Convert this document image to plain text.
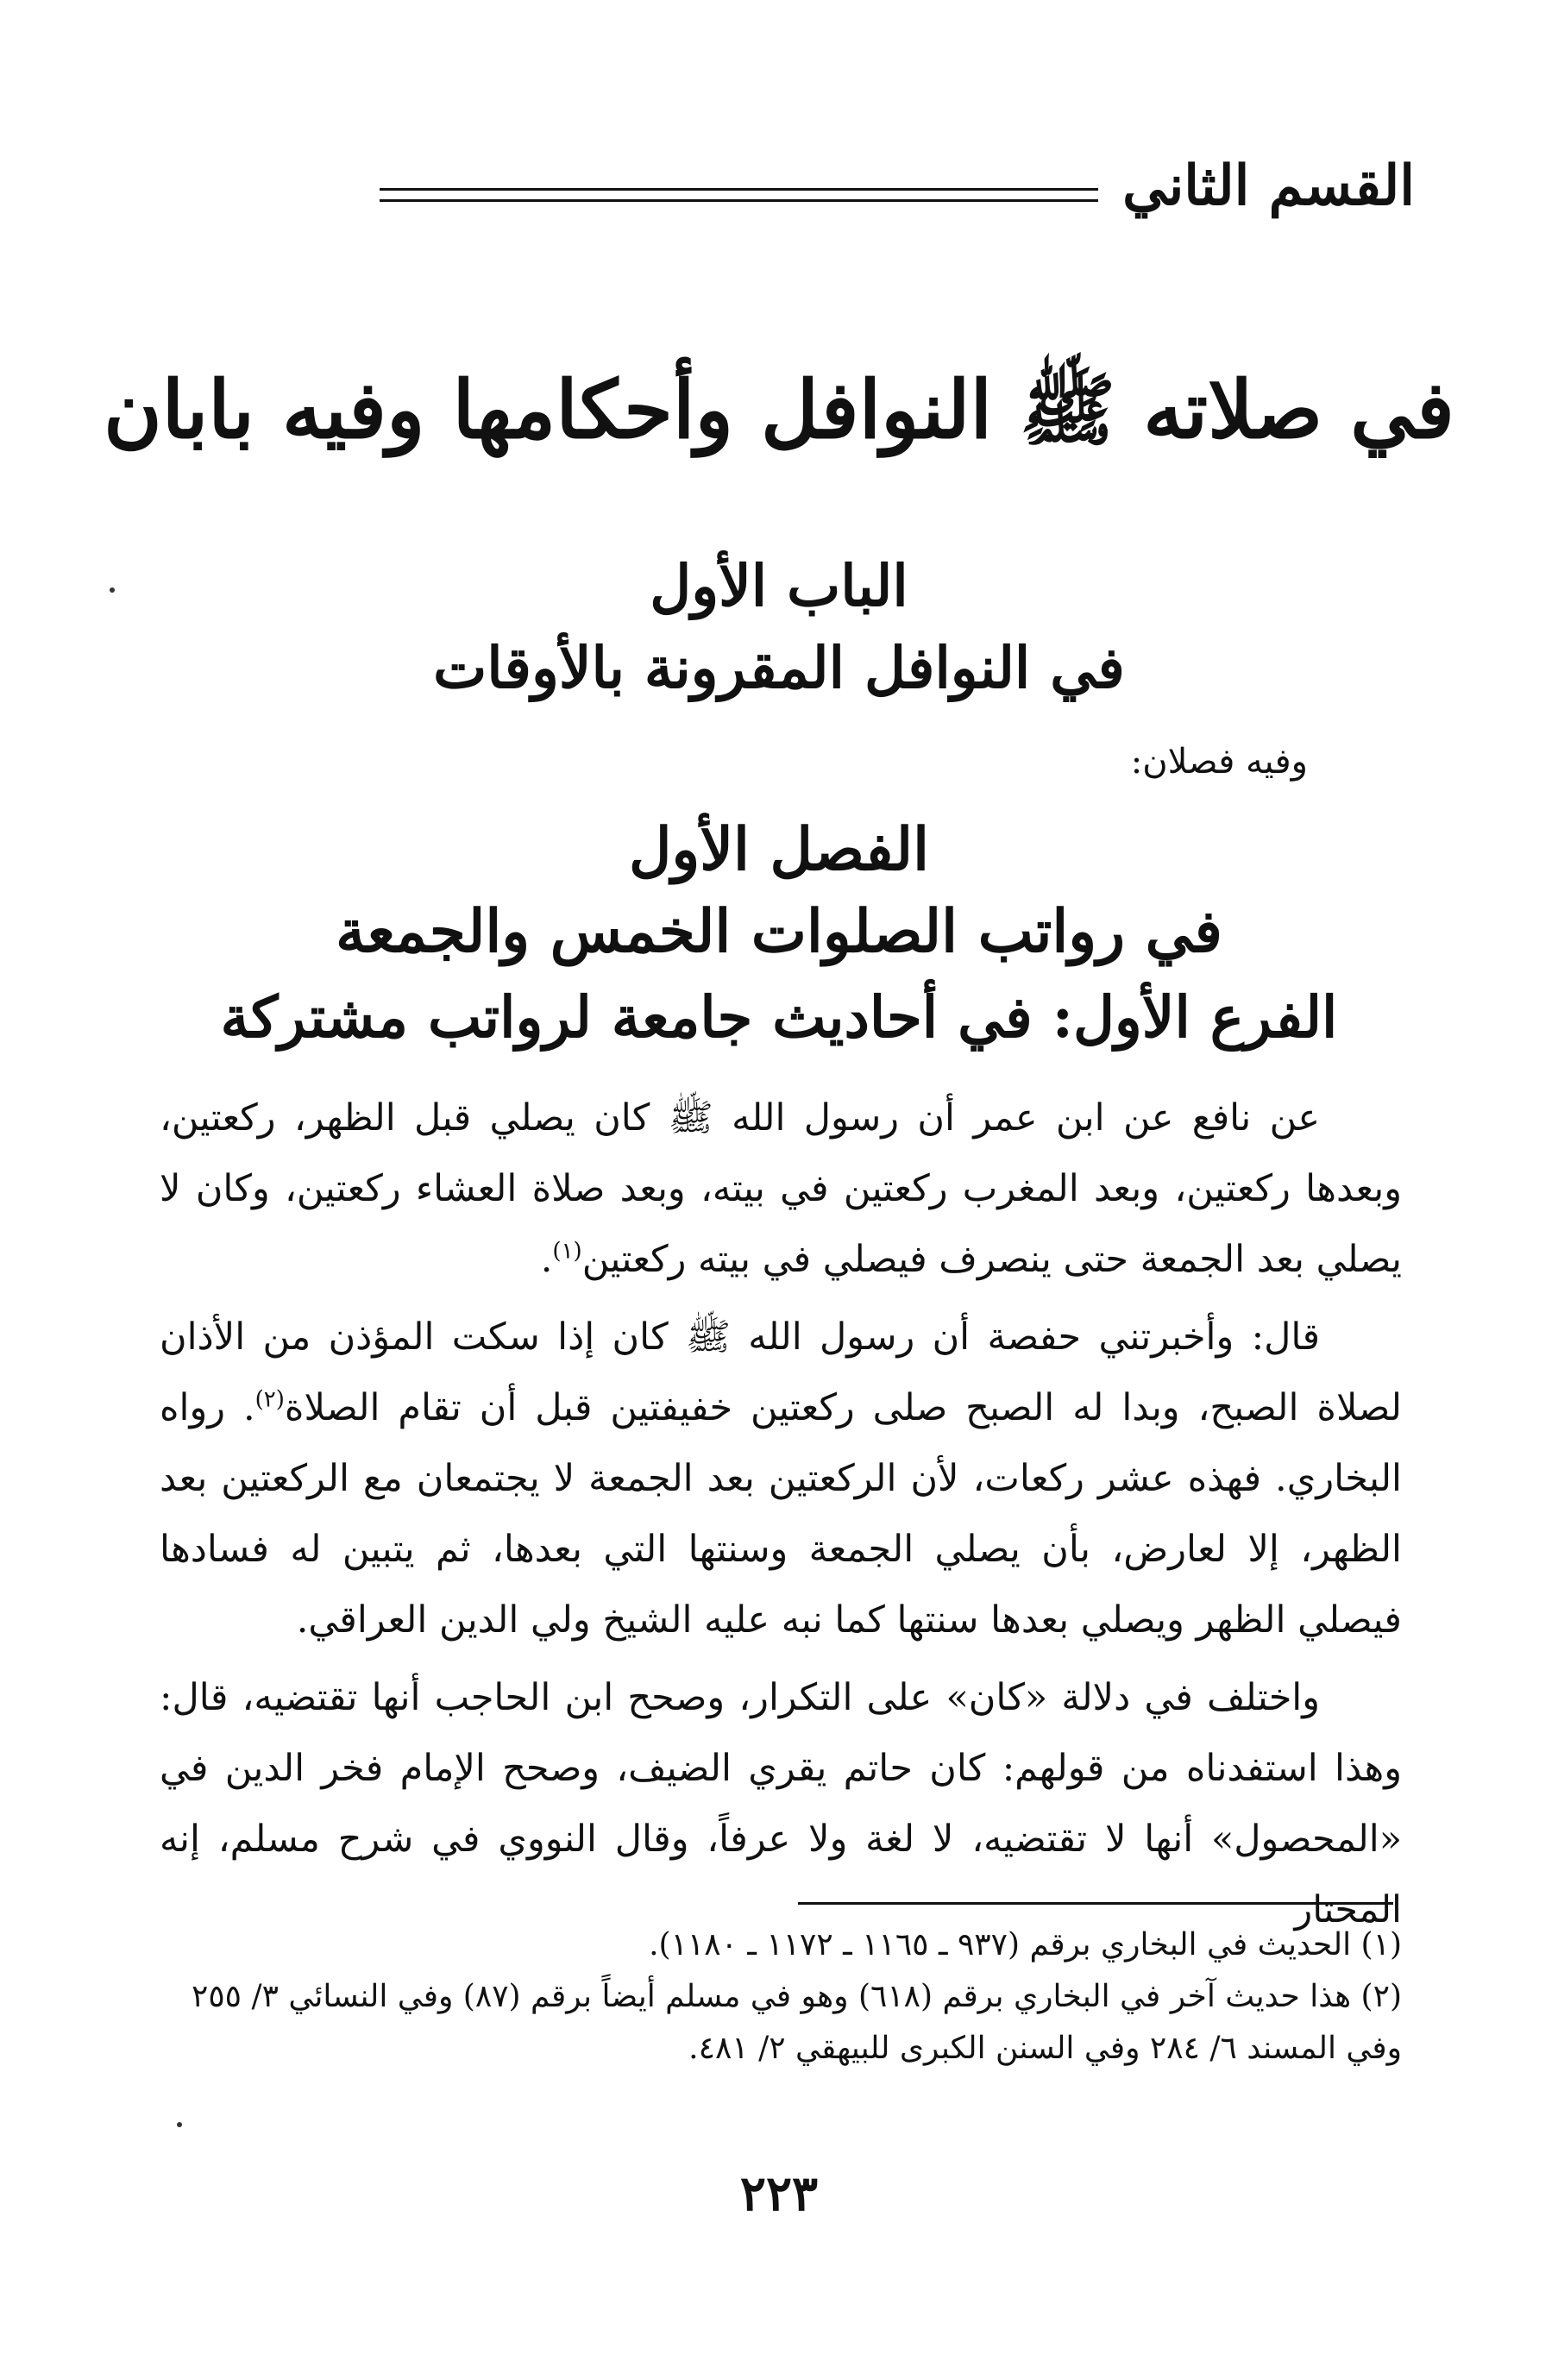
القسم الثاني
في صلاته ﷺ النوافل وأحكامها وفيه بابان
الباب الأول
في النوافل المقرونة بالأوقات
وفيه فصلان:
الفصل الأول
في رواتب الصلوات الخمس والجمعة
الفرع الأول: في أحاديث جامعة لرواتب مشتركة

عن نافع عن ابن عمر أن رسول الله ﷺ كان يصلي قبل الظهر، ركعتين، وبعدها ركعتين، وبعد المغرب ركعتين في بيته، وبعد صلاة العشاء ركعتين، وكان لا يصلي بعد الجمعة حتى ينصرف فيصلي في بيته ركعتين$^{(١)}$.

قال: وأخبرتني حفصة أن رسول الله ﷺ كان إذا سكت المؤذن من الأذان لصلاة الصبح، وبدا له الصبح صلى ركعتين خفيفتين قبل أن تقام الصلاة$^{(٢)}$. رواه البخاري. فهذه عشر ركعات، لأن الركعتين بعد الجمعة لا يجتمعان مع الركعتين بعد الظهر، إلا لعارض، بأن يصلي الجمعة وسنتها التي بعدها، ثم يتبين له فسادها فيصلي الظهر ويصلي بعدها سنتها كما نبه عليه الشيخ ولي الدين العراقي.

واختلف في دلالة «كان» على التكرار، وصحح ابن الحاجب أنها تقتضيه، قال: وهذا استفدناه من قولهم: كان حاتم يقري الضيف، وصحح الإمام فخر الدين في «المحصول» أنها لا تقتضيه، لا لغة ولا عرفاً، وقال النووي في شرح مسلم، إنه المختار

(١) الحديث في البخاري برقم (٩٣٧ ـ ١١٦٥ ـ ١١٧٢ ـ ١١٨٠).

(٢) هذا حديث آخر في البخاري برقم (٦١٨) وهو في مسلم أيضاً برقم (٨٧) وفي النسائي ٣/ ٢٥٥ وفي المسند ٦/ ٢٨٤ وفي السنن الكبرى للبيهقي ٢/ ٤٨١.

٢٢٣
